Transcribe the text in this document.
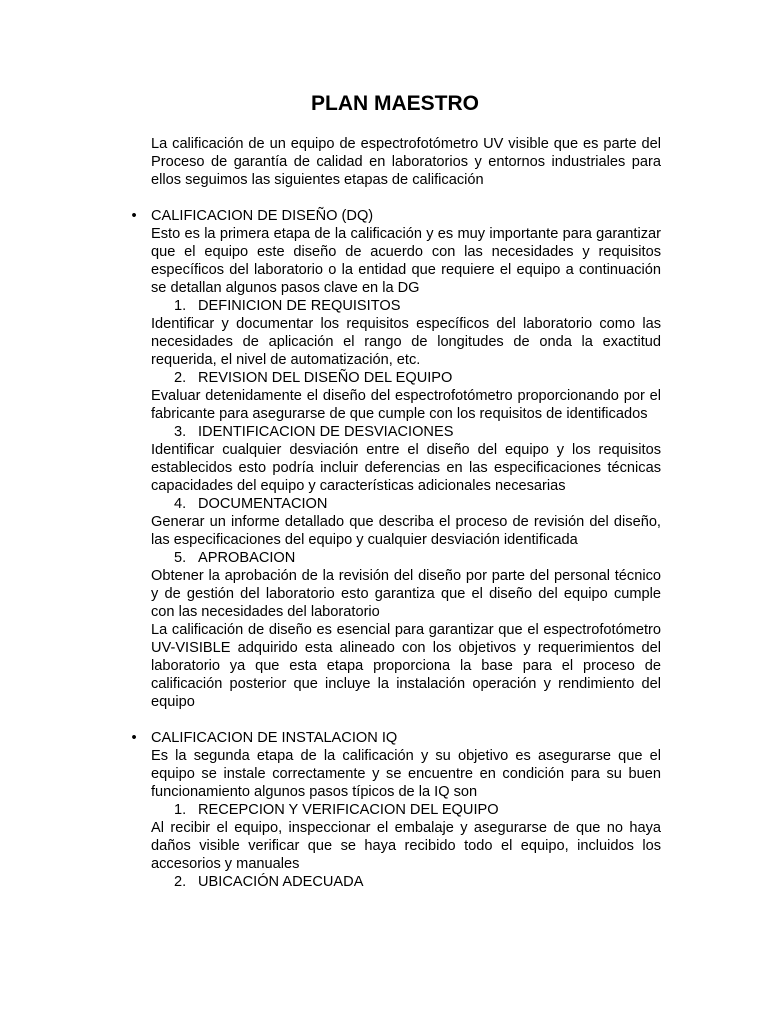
PLAN MAESTRO

La calificación de un equipo de espectrofotómetro UV visible que es parte del Proceso de garantía de calidad en laboratorios y entornos industriales para ellos seguimos las siguientes etapas de calificación

• CALIFICACION DE DISEÑO (DQ)

Esto es la primera etapa de la calificación y es muy importante para garantizar que el equipo este diseño de acuerdo con las necesidades y requisitos específicos del laboratorio o la entidad que requiere el equipo a continuación se detallan algunos pasos clave en la DG

1. DEFINICION DE REQUISITOS

Identificar y documentar los requisitos específicos del laboratorio como las necesidades de aplicación el rango de longitudes de onda la exactitud requerida, el nivel de automatización, etc.

2. REVISION DEL DISEÑO DEL EQUIPO

Evaluar detenidamente el diseño del espectrofotómetro proporcionando por el fabricante para asegurarse de que cumple con los requisitos de identificados

3. IDENTIFICACION DE DESVIACIONES

Identificar cualquier desviación entre el diseño del equipo y los requisitos establecidos esto podría incluir deferencias en las especificaciones técnicas capacidades del equipo y características adicionales necesarias

4. DOCUMENTACION

Generar un informe detallado que describa el proceso de revisión del diseño, las especificaciones del equipo y cualquier desviación identificada

5. APROBACION

Obtener la aprobación de la revisión del diseño por parte del personal técnico y de gestión del laboratorio esto garantiza que el diseño del equipo cumple con las necesidades del laboratorio

La calificación de diseño es esencial para garantizar que el espectrofotómetro UV-VISIBLE adquirido esta alineado con los objetivos y requerimientos del laboratorio ya que esta etapa proporciona la base para el proceso de calificación posterior que incluye la instalación operación y rendimiento del equipo

• CALIFICACION DE INSTALACION IQ

Es la segunda etapa de la calificación y su objetivo es asegurarse que el equipo se instale correctamente y se encuentre en condición para su buen funcionamiento algunos pasos típicos de la IQ son

1. RECEPCION Y VERIFICACION DEL EQUIPO

Al recibir el equipo, inspeccionar el embalaje y asegurarse de que no haya daños visible verificar que se haya recibido todo el equipo, incluidos los accesorios y manuales

2. UBICACIÓN ADECUADA
